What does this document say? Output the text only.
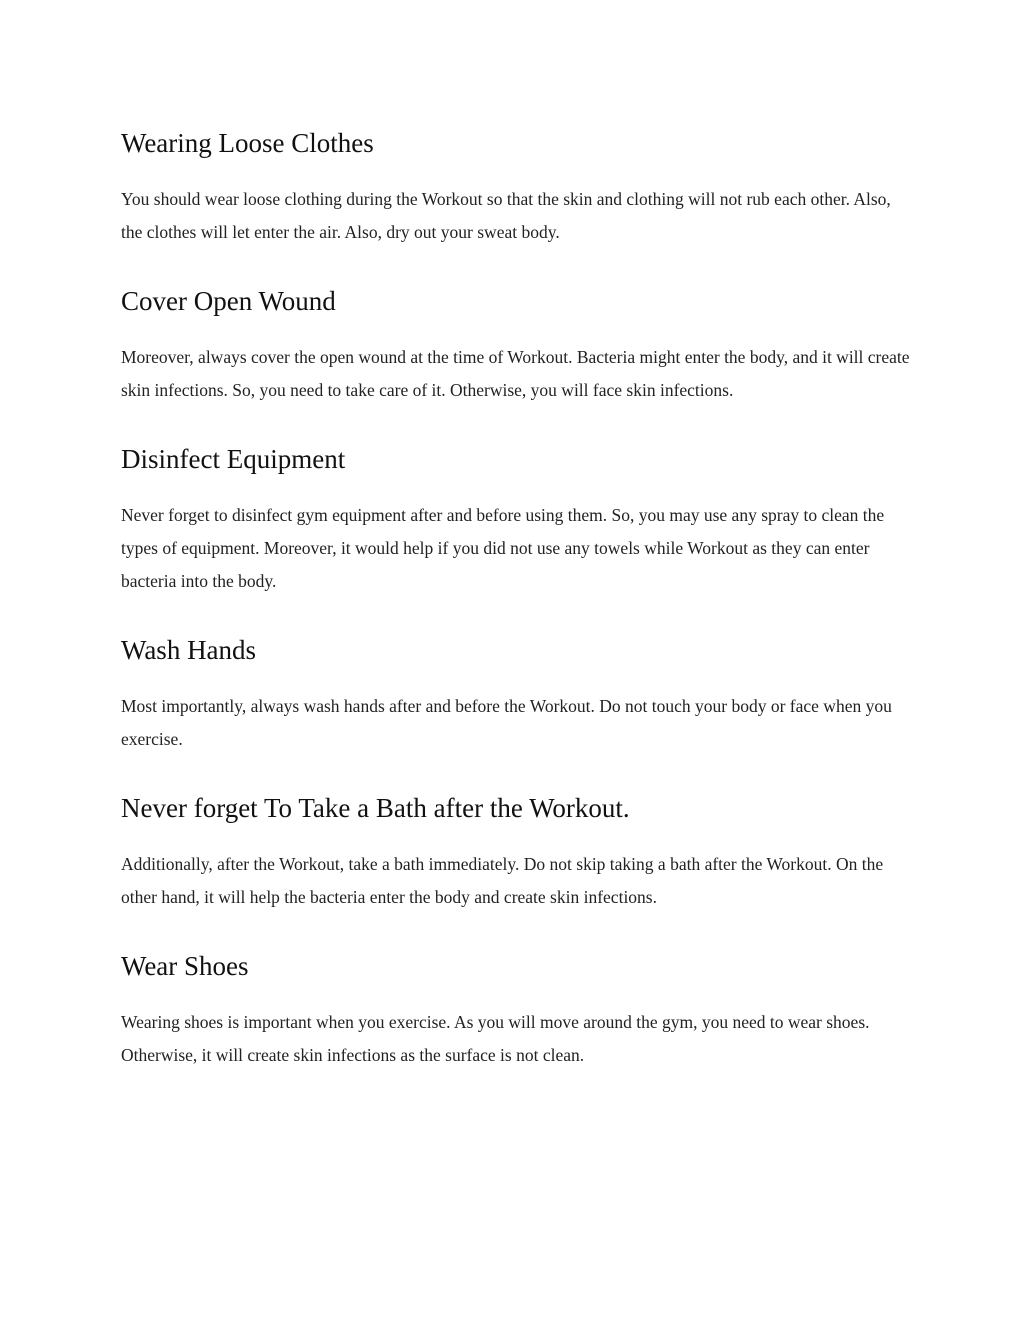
Wearing Loose Clothes

You should wear loose clothing during the Workout so that the skin and clothing will not rub each other. Also, the clothes will let enter the air. Also, dry out your sweat body.

Cover Open Wound

Moreover, always cover the open wound at the time of Workout. Bacteria might enter the body, and it will create skin infections. So, you need to take care of it. Otherwise, you will face skin infections.

Disinfect Equipment

Never forget to disinfect gym equipment after and before using them. So, you may use any spray to clean the types of equipment. Moreover, it would help if you did not use any towels while Workout as they can enter bacteria into the body.

Wash Hands

Most importantly, always wash hands after and before the Workout. Do not touch your body or face when you exercise.

Never forget To Take a Bath after the Workout.

Additionally, after the Workout, take a bath immediately. Do not skip taking a bath after the Workout. On the other hand, it will help the bacteria enter the body and create skin infections.

Wear Shoes

Wearing shoes is important when you exercise. As you will move around the gym, you need to wear shoes. Otherwise, it will create skin infections as the surface is not clean.
